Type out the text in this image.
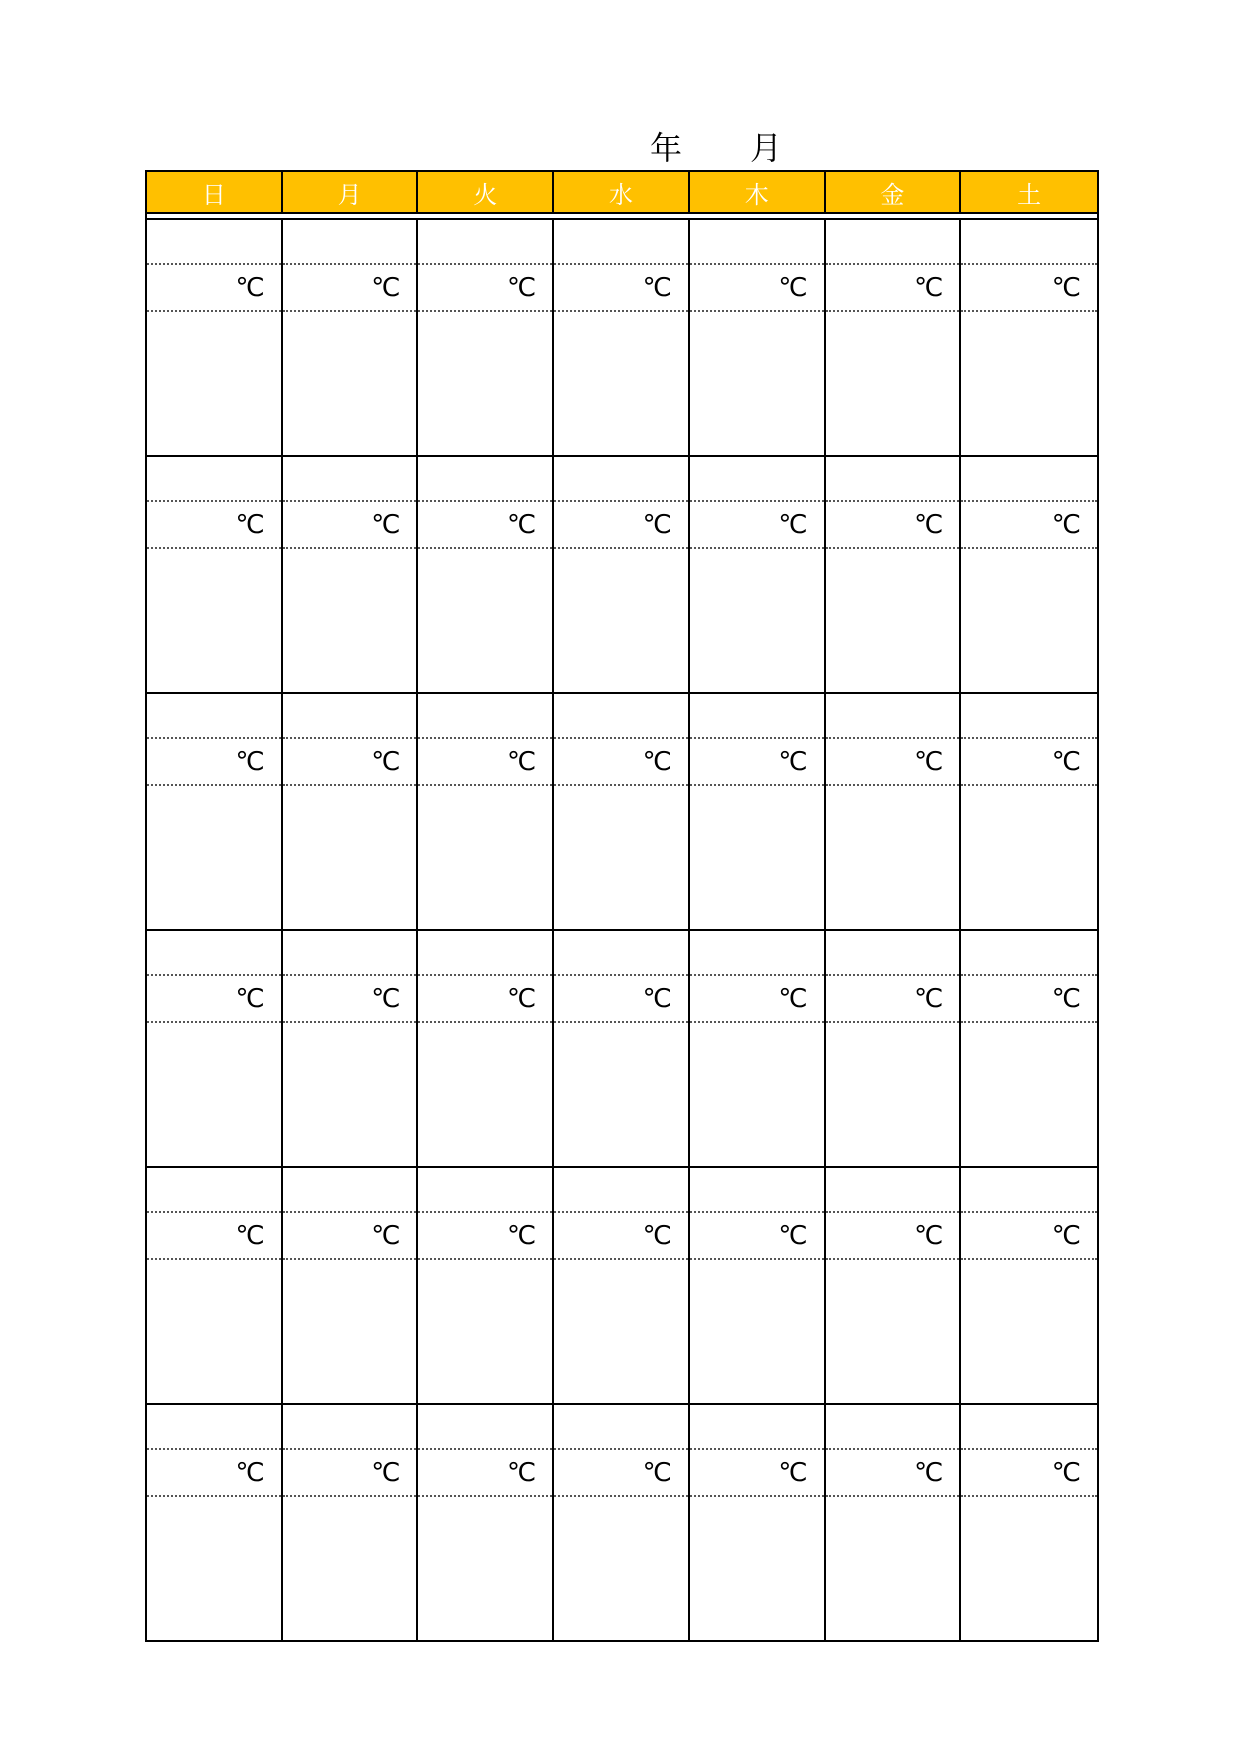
年 月
日	月	火	水	木	金	土
℃	℃	℃	℃	℃	℃	℃
℃	℃	℃	℃	℃	℃	℃
℃	℃	℃	℃	℃	℃	℃
℃	℃	℃	℃	℃	℃	℃
℃	℃	℃	℃	℃	℃	℃
℃	℃	℃	℃	℃	℃	℃
